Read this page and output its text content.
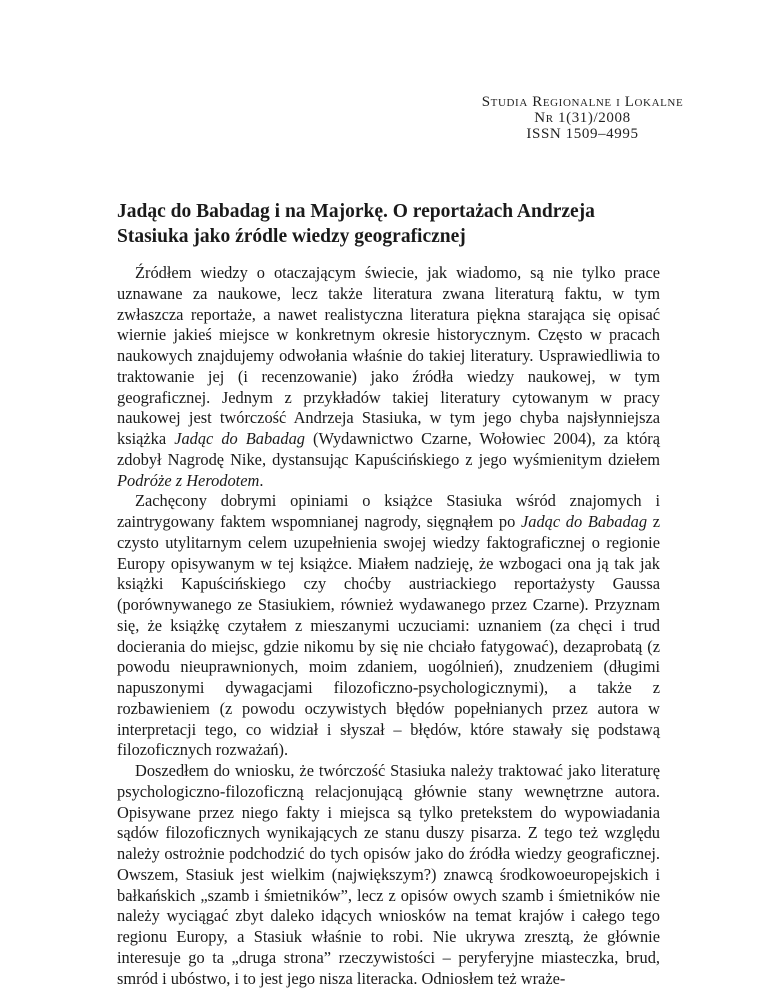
Studia Regionalne i Lokalne
Nr 1(31)/2008
ISSN 1509–4995
Jadąc do Babadag i na Majorkę. O reportażach Andrzeja Stasiuka jako źródle wiedzy geograficznej

Źródłem wiedzy o otaczającym świecie, jak wiadomo, są nie tylko prace uznawane za naukowe, lecz także literatura zwana literaturą faktu, w tym zwłaszcza reportaże, a nawet realistyczna literatura piękna starająca się opisać wiernie jakieś miejsce w konkretnym okresie historycznym. Często w pracach naukowych znajdujemy odwołania właśnie do takiej literatury. Usprawiedliwia to traktowanie jej (i recenzowanie) jako źródła wiedzy naukowej, w tym geograficznej. Jednym z przykładów takiej literatury cytowanym w pracy naukowej jest twórczość Andrzeja Stasiuka, w tym jego chyba najsłynniejsza książka Jadąc do Babadag (Wydawnictwo Czarne, Wołowiec 2004), za którą zdobył Nagrodę Nike, dystansując Kapuścińskiego z jego wyśmienitym dziełem Podróże z Herodotem.

Zachęcony dobrymi opiniami o książce Stasiuka wśród znajomych i zaintrygowany faktem wspomnianej nagrody, sięgnąłem po Jadąc do Babadag z czysto utylitarnym celem uzupełnienia swojej wiedzy faktograficznej o regionie Europy opisywanym w tej książce. Miałem nadzieję, że wzbogaci ona ją tak jak książki Kapuścińskiego czy choćby austriackiego reportażysty Gaussa (porównywanego ze Stasiukiem, również wydawanego przez Czarne). Przyznam się, że książkę czytałem z mieszanymi uczuciami: uznaniem (za chęci i trud docierania do miejsc, gdzie nikomu by się nie chciało fatygować), dezaprobatą (z powodu nieuprawnionych, moim zdaniem, uogólnień), znudzeniem (długimi napuszonymi dywagacjami filozoficzno-psychologicznymi), a także z rozbawieniem (z powodu oczywistych błędów popełnianych przez autora w interpretacji tego, co widział i słyszał – błędów, które stawały się podstawą filozoficznych rozważań).

Doszedłem do wniosku, że twórczość Stasiuka należy traktować jako literaturę psychologiczno-filozoficzną relacjonującą głównie stany wewnętrzne autora. Opisywane przez niego fakty i miejsca są tylko pretekstem do wypowiadania sądów filozoficznych wynikających ze stanu duszy pisarza. Z tego też względu należy ostrożnie podchodzić do tych opisów jako do źródła wiedzy geograficznej. Owszem, Stasiuk jest wielkim (największym?) znawcą środkowoeuropejskich i bałkańskich „szamb i śmietników”, lecz z opisów owych szamb i śmietników nie należy wyciągać zbyt daleko idących wniosków na temat krajów i całego tego regionu Europy, a Stasiuk właśnie to robi. Nie ukrywa zresztą, że głównie interesuje go ta „druga strona” rzeczywistości – peryferyjne miasteczka, brud, smród i ubóstwo, i to jest jego nisza literacka. Odniosłem też wraże-
